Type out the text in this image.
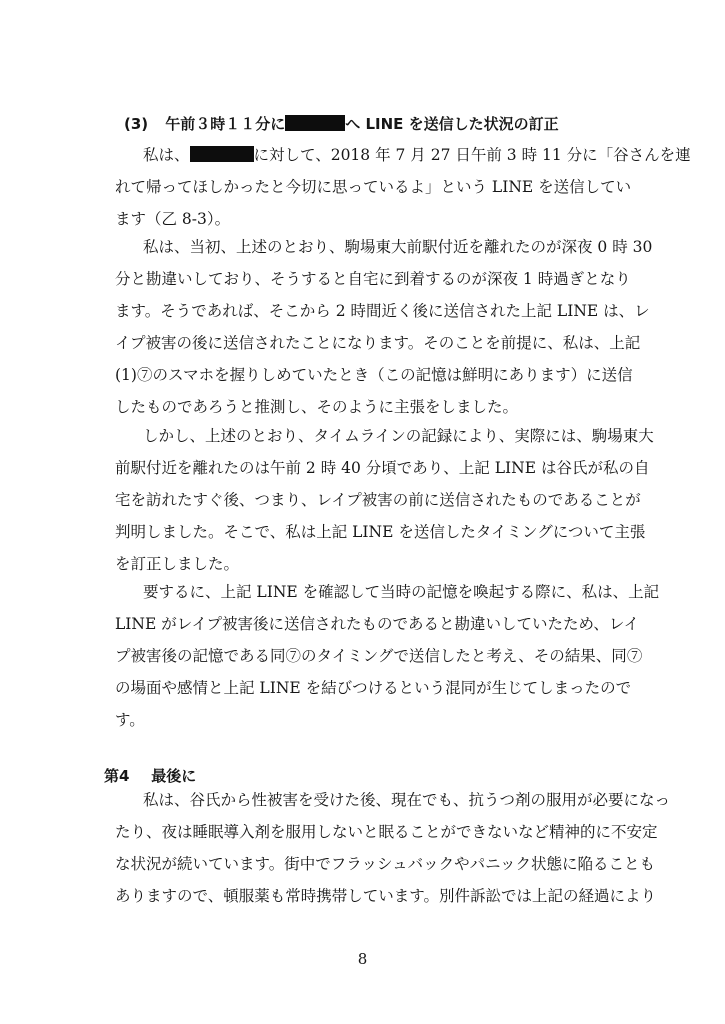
(3) 午前３時１１分に	へ LINE を送信した状況の訂正
私は、	に対して、2018 年 7 月 27 日午前 3 時 11 分に「谷さんを連
れて帰ってほしかったと今切に思っているよ」という LINE を送信してい
ます（乙 8-3）。
私は、当初、上述のとおり、駒場東大前駅付近を離れたのが深夜 0 時 30
分と勘違いしており、そうすると自宅に到着するのが深夜 1 時過ぎとなり
ます。そうであれば、そこから 2 時間近く後に送信された上記 LINE は、レ
イプ被害の後に送信されたことになります。そのことを前提に、私は、上記
(1)⑦のスマホを握りしめていたとき（この記憶は鮮明にあります）に送信
したものであろうと推測し、そのように主張をしました。
しかし、上述のとおり、タイムラインの記録により、実際には、駒場東大
前駅付近を離れたのは午前 2 時 40 分頃であり、上記 LINE は谷氏が私の自
宅を訪れたすぐ後、つまり、レイプ被害の前に送信されたものであることが
判明しました。そこで、私は上記 LINE を送信したタイミングについて主張
を訂正しました。
要するに、上記 LINE を確認して当時の記憶を喚起する際に、私は、上記
LINE がレイプ被害後に送信されたものであると勘違いしていたため、レイ
プ被害後の記憶である同⑦のタイミングで送信したと考え、その結果、同⑦
の場面や感情と上記 LINE を結びつけるという混同が生じてしまったので
す。
第4 最後に
私は、谷氏から性被害を受けた後、現在でも、抗うつ剤の服用が必要になっ
たり、夜は睡眠導入剤を服用しないと眠ることができないなど精神的に不安定
な状況が続いています。街中でフラッシュバックやパニック状態に陥ることも
ありますので、頓服薬も常時携帯しています。別件訴訟では上記の経過により
8
